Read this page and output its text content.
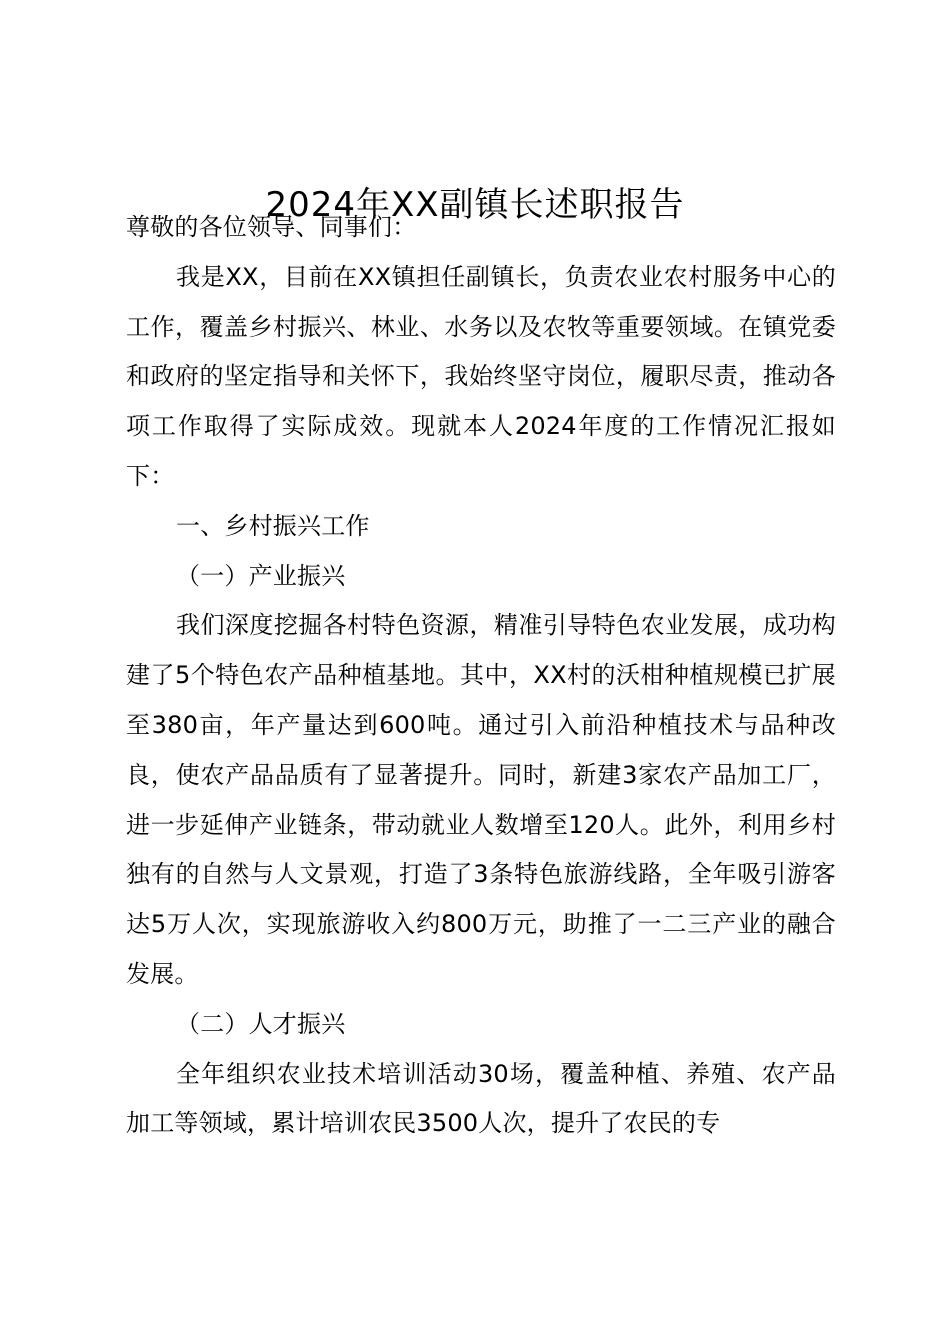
2024年XX副镇长述职报告

尊敬的各位领导、同事们：

我是XX，目前在XX镇担任副镇长，负责农业农村服务中心的工作，覆盖乡村振兴、林业、水务以及农牧等重要领域。在镇党委和政府的坚定指导和关怀下，我始终坚守岗位，履职尽责，推动各项工作取得了实际成效。现就本人2024年度的工作情况汇报如下：

一、乡村振兴工作

（一）产业振兴

我们深度挖掘各村特色资源，精准引导特色农业发展，成功构建了5个特色农产品种植基地。其中，XX村的沃柑种植规模已扩展至380亩，年产量达到600吨。通过引入前沿种植技术与品种改良，使农产品品质有了显著提升。同时，新建3家农产品加工厂，进一步延伸产业链条，带动就业人数增至120人。此外，利用乡村独有的自然与人文景观，打造了3条特色旅游线路，全年吸引游客达5万人次，实现旅游收入约800万元，助推了一二三产业的融合发展。

（二）人才振兴

全年组织农业技术培训活动30场，覆盖种植、养殖、农产品加工等领域，累计培训农民3500人次，提升了农民的专
